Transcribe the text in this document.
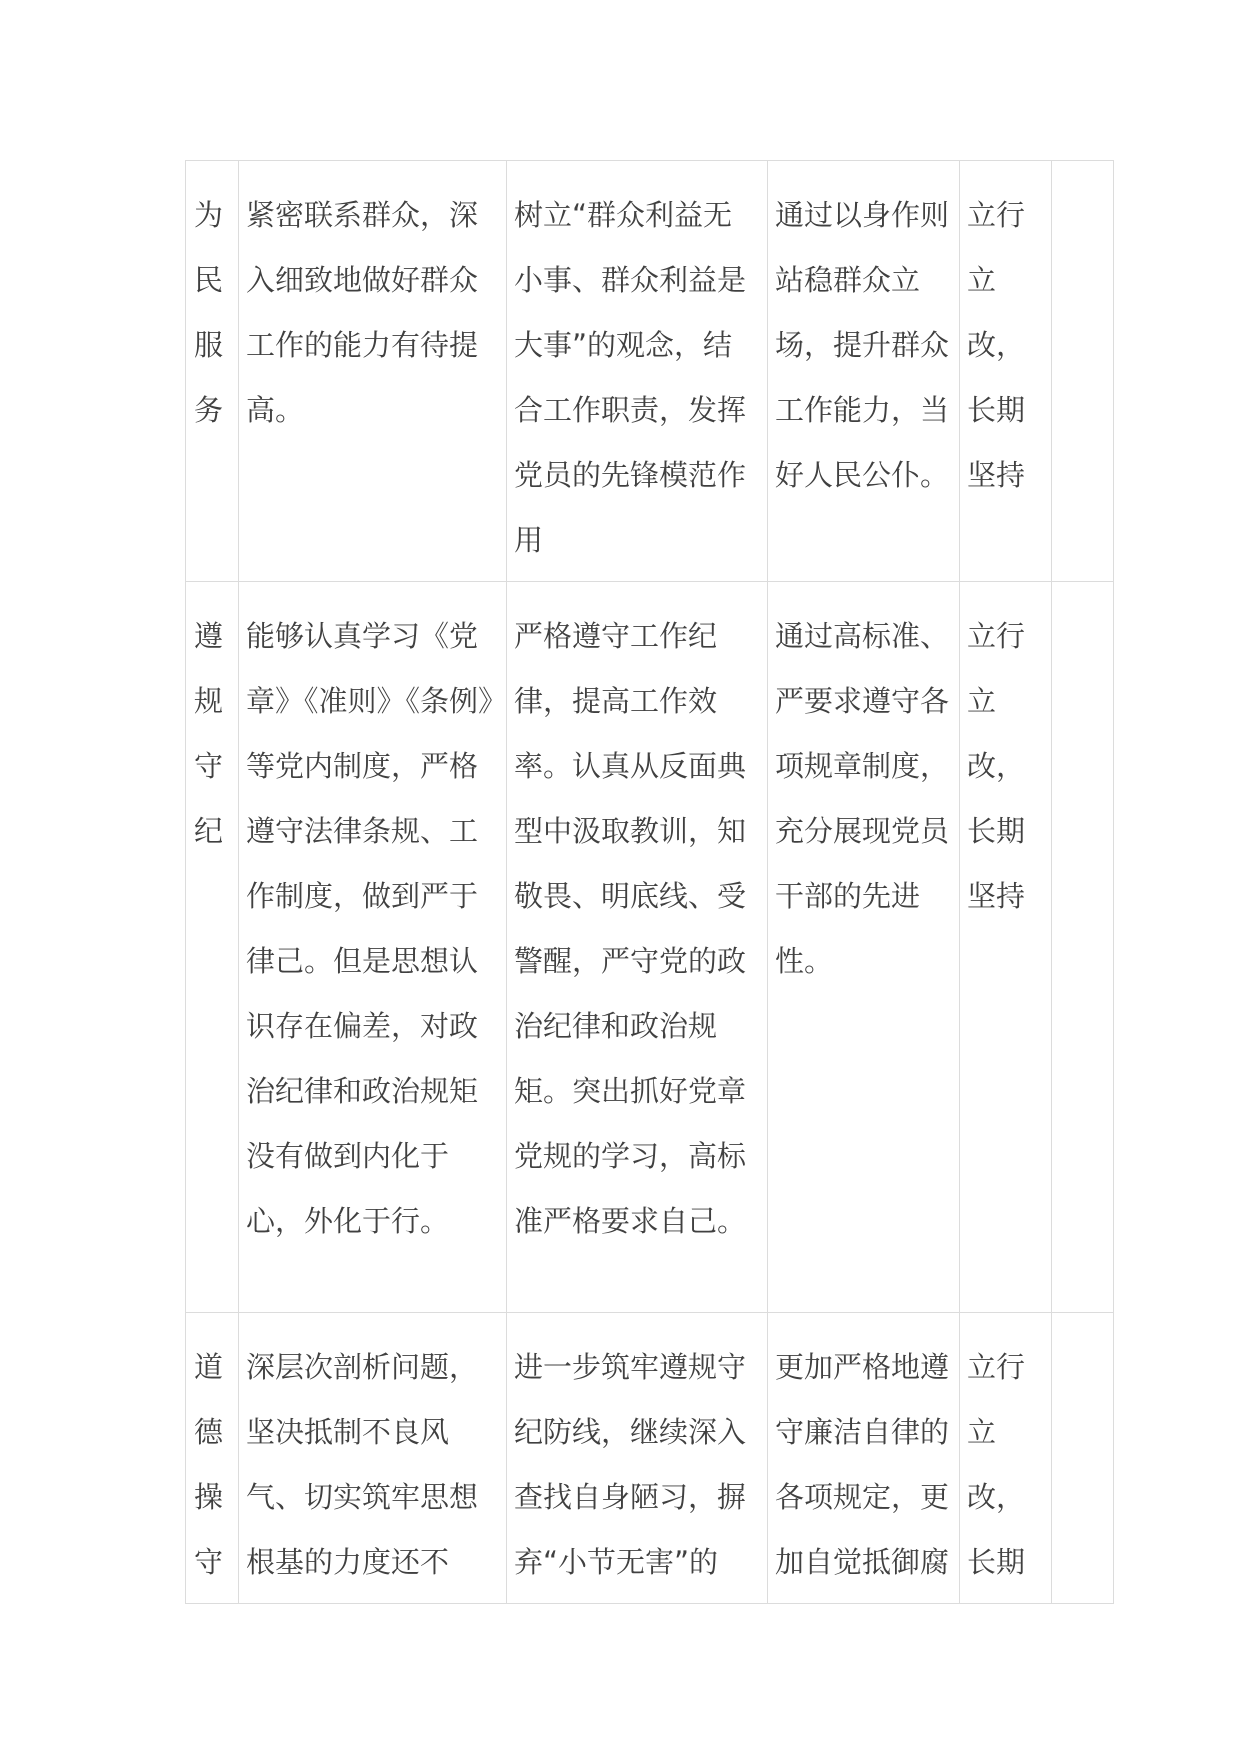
为民服务	紧密联系群众，深入细致地做好群众工作的能力有待提高。	树立“群众利益无小事、群众利益是大事”的观念，结合工作职责，发挥党员的先锋模范作用	通过以身作则站稳群众立场，提升群众工作能力，当好人民公仆。	立行立改，长期坚持	

遵规守纪	能够认真学习《党章》《准则》《条例》等党内制度，严格遵守法律条规、工作制度，做到严于律己。但是思想认识存在偏差，对政治纪律和政治规矩没有做到内化于心，外化于行。	严格遵守工作纪律，提高工作效率。认真从反面典型中汲取教训，知敬畏、明底线、受警醒，严守党的政治纪律和政治规矩。突出抓好党章党规的学习，高标准严格要求自己。	通过高标准、严要求遵守各项规章制度，充分展现党员干部的先进性。	立行立改，长期坚持	

道德操守	深层次剖析问题，坚决抵制不良风气、切实筑牢思想根基的力度还不	进一步筑牢遵规守纪防线，继续深入查找自身陋习，摒弃“小节无害”的	更加严格地遵守廉洁自律的各项规定，更加自觉抵御腐	立行立改，长期	
